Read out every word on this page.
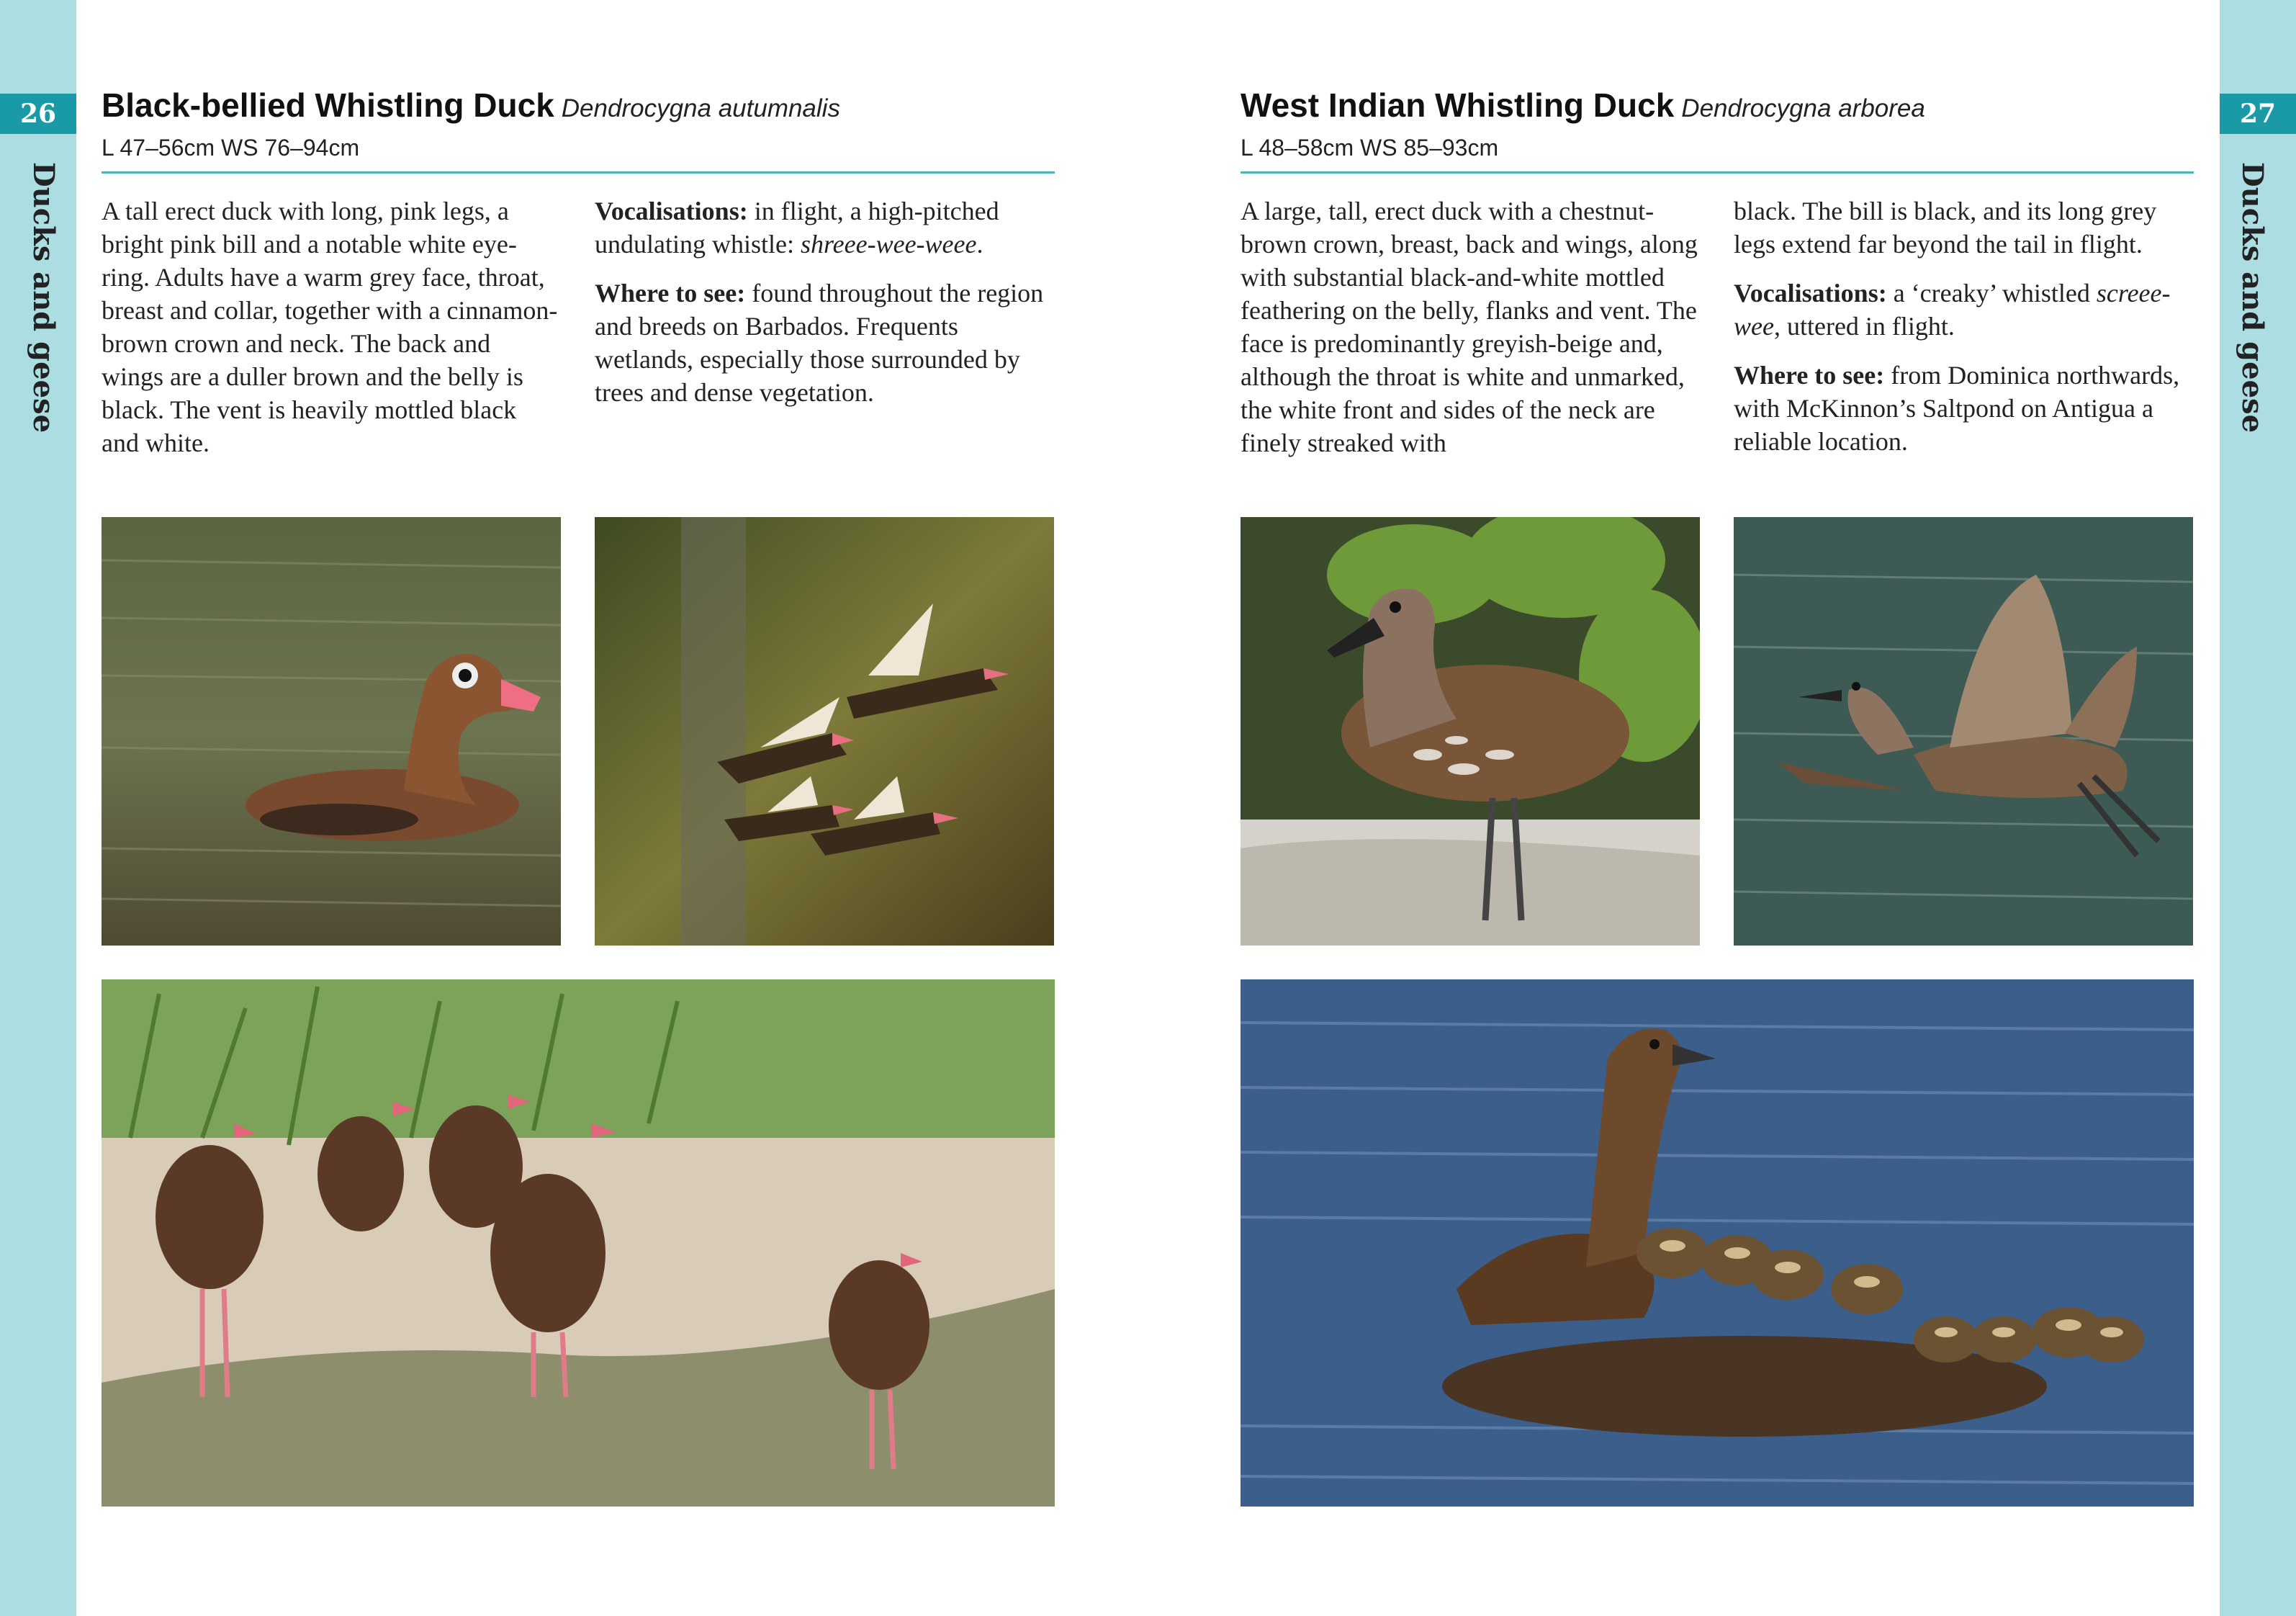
26
Ducks and geese
27
Ducks and geese
Black-bellied Whistling Duck Dendrocygna autumnalis
L 47–56cm WS 76–94cm

A tall erect duck with long, pink legs, a bright pink bill and a notable white eye-ring. Adults have a warm grey face, throat, breast and collar, together with a cinnamon-brown crown and neck. The back and wings are a duller brown and the belly is black. The vent is heavily mottled black and white.

Vocalisations: in flight, a high-pitched undulating whistle: shreee-wee-weee.

Where to see: found throughout the region and breeds on Barbados. Frequents wetlands, especially those surrounded by trees and dense vegetation.

West Indian Whistling Duck Dendrocygna arborea
L 48–58cm WS 85–93cm

A large, tall, erect duck with a chestnut-brown crown, breast, back and wings, along with substantial black-and-white mottled feathering on the belly, flanks and vent. The face is predominantly greyish-beige and, although the throat is white and unmarked, the white front and sides of the neck are finely streaked with

black. The bill is black, and its long grey legs extend far beyond the tail in flight.

Vocalisations: a ‘creaky’ whistled screee-wee, uttered in flight.

Where to see: from Dominica northwards, with McKinnon’s Saltpond on Antigua a reliable location.
